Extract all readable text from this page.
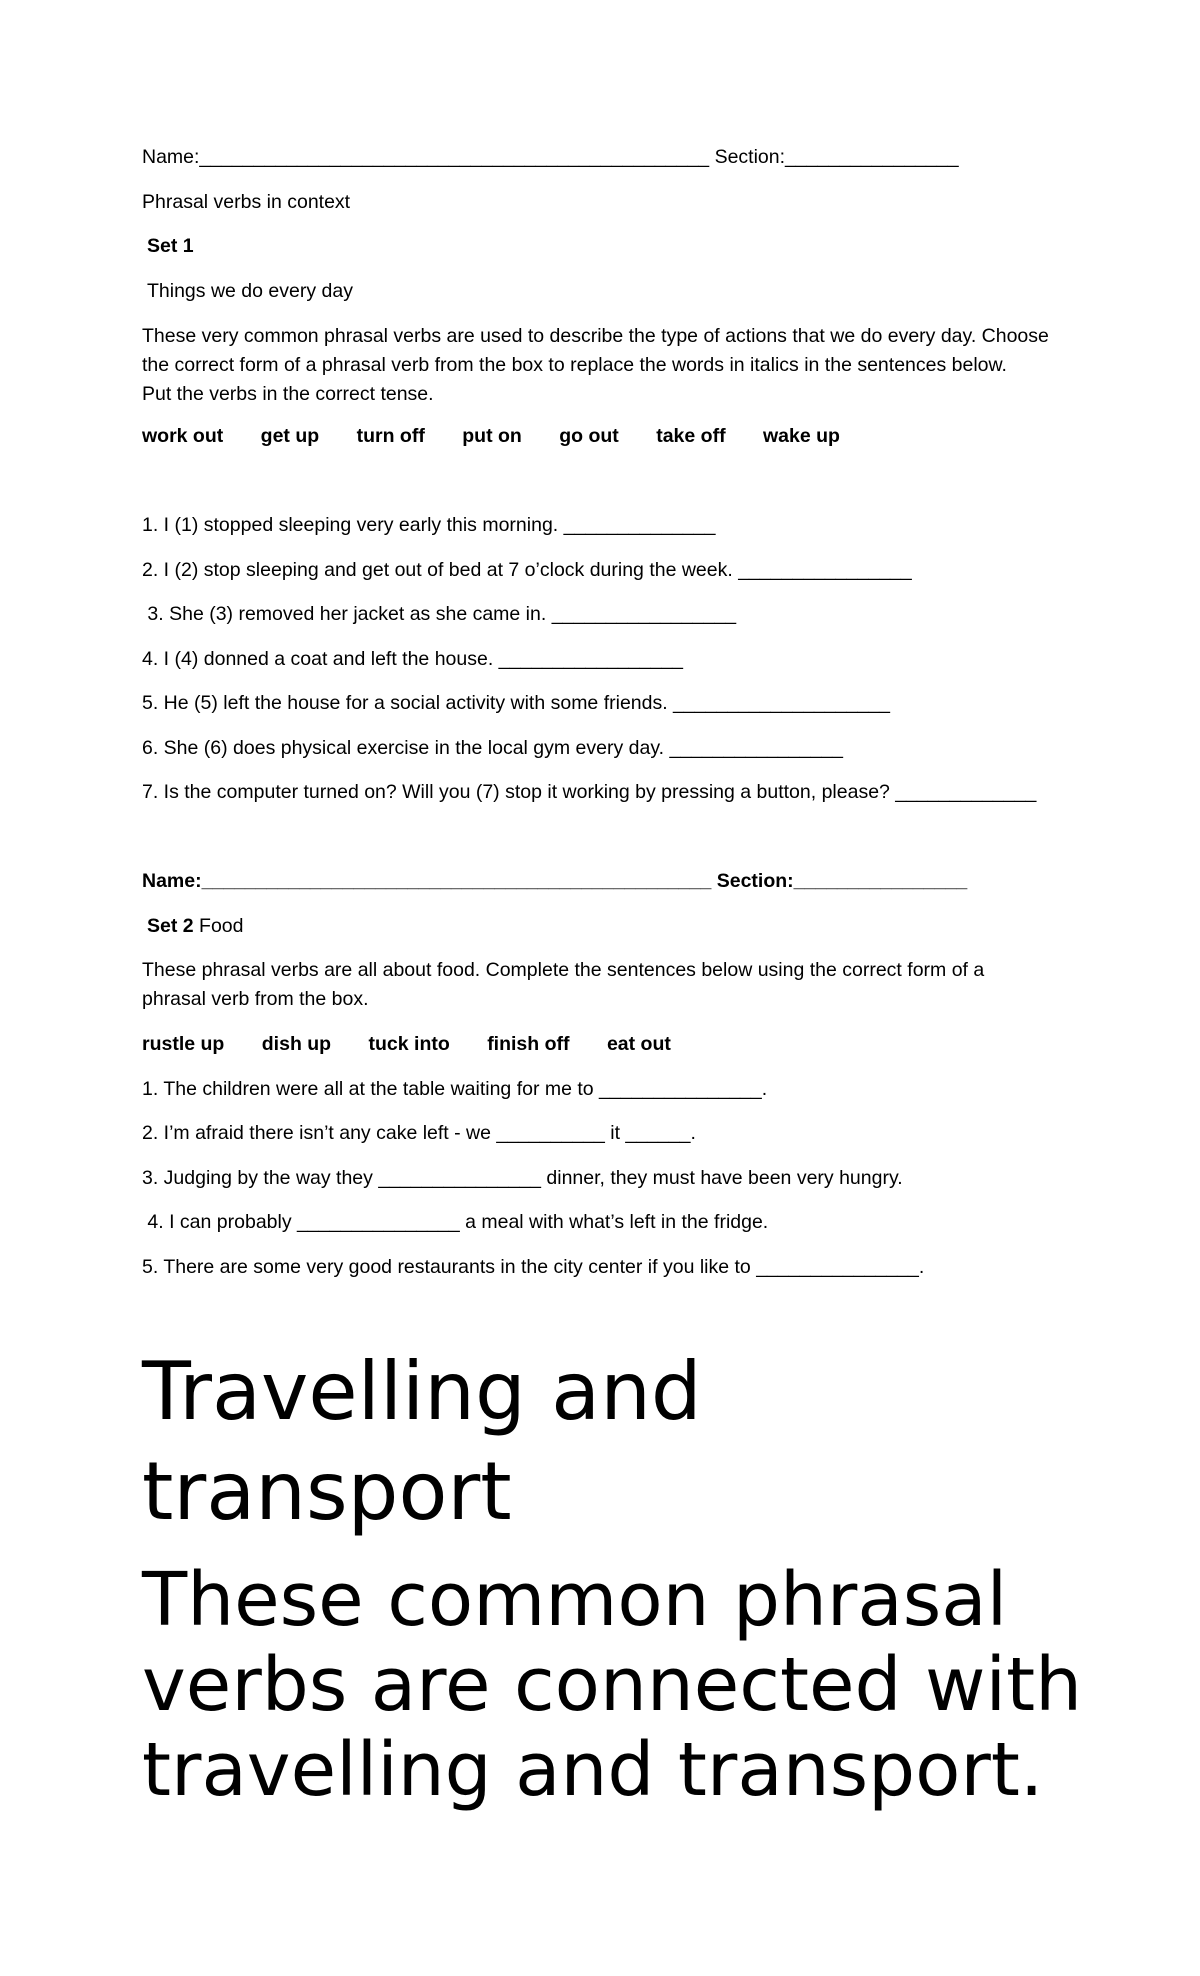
Name:_______________________________________________ Section:________________
Phrasal verbs in context
Set 1
Things we do every day
These very common phrasal verbs are used to describe the type of actions that we do every day. Choose
the correct form of a phrasal verb from the box to replace the words in italics in the sentences below.
Put the verbs in the correct tense.
work out get up turn off put on go out take off wake up
1. I (1) stopped sleeping very early this morning. ______________
2. I (2) stop sleeping and get out of bed at 7 o’clock during the week. ________________
3. She (3) removed her jacket as she came in. _________________
4. I (4) donned a coat and left the house. _________________
5. He (5) left the house for a social activity with some friends. ____________________
6. She (6) does physical exercise in the local gym every day. ________________
7. Is the computer turned on? Will you (7) stop it working by pressing a button, please? _____________
Name:_______________________________________________ Section:________________
Set 2 Food
These phrasal verbs are all about food. Complete the sentences below using the correct form of a
phrasal verb from the box.
rustle up dish up tuck into finish off eat out
1. The children were all at the table waiting for me to _______________.
2. I’m afraid there isn’t any cake left - we __________ it ______.
3. Judging by the way they _______________ dinner, they must have been very hungry.
4. I can probably _______________ a meal with what’s left in the fridge.
5. There are some very good restaurants in the city center if you like to _______________.
Travelling and
transport
These common phrasal
verbs are connected with
travelling and transport.
